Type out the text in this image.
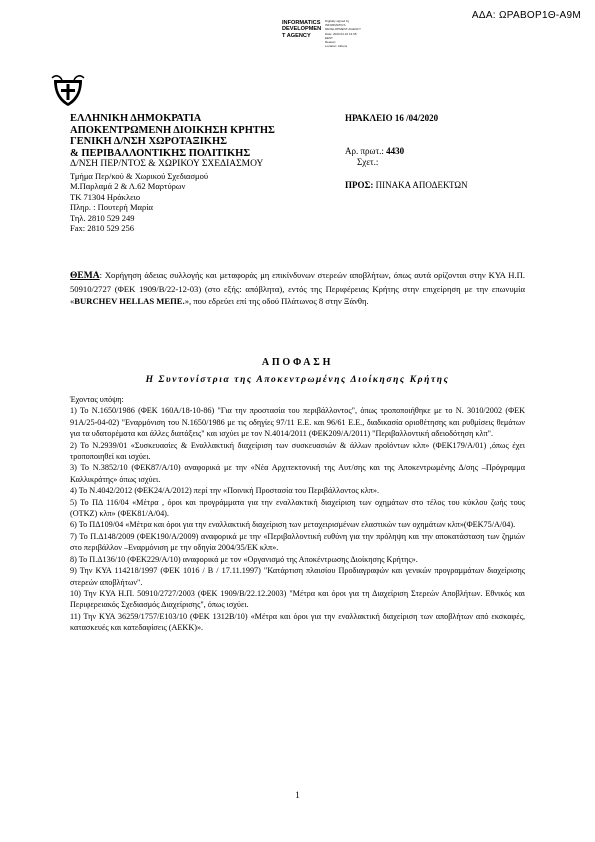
ΑΔΑ: ΩΡΑΒΟΡ1Θ-Α9Μ
INFORMATICS
DEVELOPMEN
T AGENCY
Digitally signed by
INFORMATICS
DEVELOPMENT AGENCY
Date: 2020.04.16 13:35:
EEST
Reason:
Location: Athens
ΕΛΛΗΝΙΚΗ ΔΗΜΟΚΡΑΤΙΑ
ΑΠΟΚΕΝΤΡΩΜΕΝΗ ΔΙΟΙΚΗΣΗ ΚΡΗΤΗΣ
ΓΕΝΙΚΗ Δ/ΝΣΗ ΧΩΡΟΤΑΞΙΚΗΣ
& ΠΕΡΙΒΑΛΛΟΝΤΙΚΗΣ ΠΟΛΙΤΙΚΗΣ
Δ/ΝΣΗ ΠΕΡ/ΝΤΟΣ & ΧΩΡΙΚΟΥ ΣΧΕΔΙΑΣΜΟΥ
Τμήμα Περ/κού & Χωρικού Σχεδιασμού
Μ.Παρλαμά 2 & Λ.62 Μαρτύρων
ΤΚ 71304 Ηράκλειο
Πληρ. : Πουτερή Μαρία
Τηλ. 2810 529 249
Fax: 2810 529 256
ΗΡΑΚΛΕΙΟ 16 /04/2020
Αρ. πρωτ.: 4430
Σχετ.:
ΠΡΟΣ: ΠΙΝΑΚΑ ΑΠΟΔΕΚΤΩΝ
ΘΕΜΑ: Χορήγηση άδειας συλλογής και μεταφοράς μη επικίνδυνων στερεών αποβλήτων, όπως αυτά ορίζονται στην ΚΥΑ Η.Π. 50910/2727 (ΦΕΚ 1909/Β/22-12-03) (στο εξής: απόβλητα), εντός της Περιφέρειας Κρήτης στην επιχείρηση με την επωνυμία «BURCHEV HELLAS ΜΕΠΕ.», που εδρεύει επί της οδού Πλάτωνος 8 στην Ξάνθη.
ΑΠΟΦΑΣΗ
Η Συντονίστρια της Αποκεντρωμένης Διοίκησης Κρήτης

Έχοντας υπόψη:

1) Το Ν.1650/1986 (ΦΕΚ 160Α/18-10-86) "Για την προστασία του περιβάλλοντος", όπως τροποποιήθηκε με το Ν. 3010/2002 (ΦΕΚ 91Α/25-04-02) "Εναρμόνιση του Ν.1650/1986 με τις οδηγίες 97/11 Ε.Ε. και 96/61 Ε.Ε., διαδικασία οριοθέτησης και ρυθμίσεις θεμάτων για τα υδατορέματα και άλλες διατάξεις" και ισχύει με τον Ν.4014/2011 (ΦΕΚ209/Α/2011) "Περιβαλλοντική αδειοδότηση κλπ".

2) Το Ν.2939/01 «Συσκευασίες & Εναλλακτική διαχείριση των συσκευασιών & άλλων προϊόντων κλπ» (ΦΕΚ179/Α/01) ,όπως έχει τροποποιηθεί και ισχύει.

3) Το Ν.3852/10 (ΦΕΚ87/Α/10) αναφορικά με την «Νέα Αρχιτεκτονική της Αυτ/σης και της Αποκεντρωμένης Δ/σης –Πρόγραμμα Καλλικράτης» όπως ισχύει.

4) Το Ν.4042/2012 (ΦΕΚ24/Α/2012) περί την «Ποινική Προστασία του Περιβάλλοντος κλπ».

5) Το ΠΔ 116/04 «Μέτρα , όροι και προγράμματα για την εναλλακτική διαχείριση των οχημάτων στο τέλος του κύκλου ζωής τους (ΟΤΚΖ) κλπ» (ΦΕΚ81/Α/04).

6) Το ΠΔ109/04 «Μέτρα και όροι για την εναλλακτική διαχείριση των μεταχειρισμένων ελαστικών των οχημάτων κλπ»(ΦΕΚ75/Α/04).

7) Το Π.Δ148/2009 (ΦΕΚ190/Α/2009) αναφορικά με την «Περιβαλλοντική ευθύνη για την πρόληψη και την αποκατάσταση των ζημιών στο περιβάλλον –Εναρμόνιση με την οδηγία 2004/35/ΕΚ κλπ».

8) Το Π.Δ136/10 (ΦΕΚ229/Α/10) αναφορικά με τον «Οργανισμό της Αποκέντρωσης Διοίκησης Κρήτης».

9) Την ΚΥΑ 114218/1997 (ΦΕΚ 1016 / Β / 17.11.1997) "Κατάρτιση πλαισίου Προδιαγραφών και γενικών προγραμμάτων διαχείρισης στερεών αποβλήτων".

10) Την ΚΥΑ Η.Π. 50910/2727/2003 (ΦΕΚ 1909/Β/22.12.2003) "Μέτρα και όροι για τη Διαχείριση Στερεών Αποβλήτων. Εθνικός και Περιφερειακός Σχεδιασμός Διαχείρισης", όπως ισχύει.

11) Την ΚΥΑ 36259/1757/Ε103/10 (ΦΕΚ 1312Β/10) «Μέτρα και όροι για την εναλλακτική διαχείριση των αποβλήτων από εκσκαφές, κατασκευές και κατεδαφίσεις (ΑΕΚΚ)».

1
